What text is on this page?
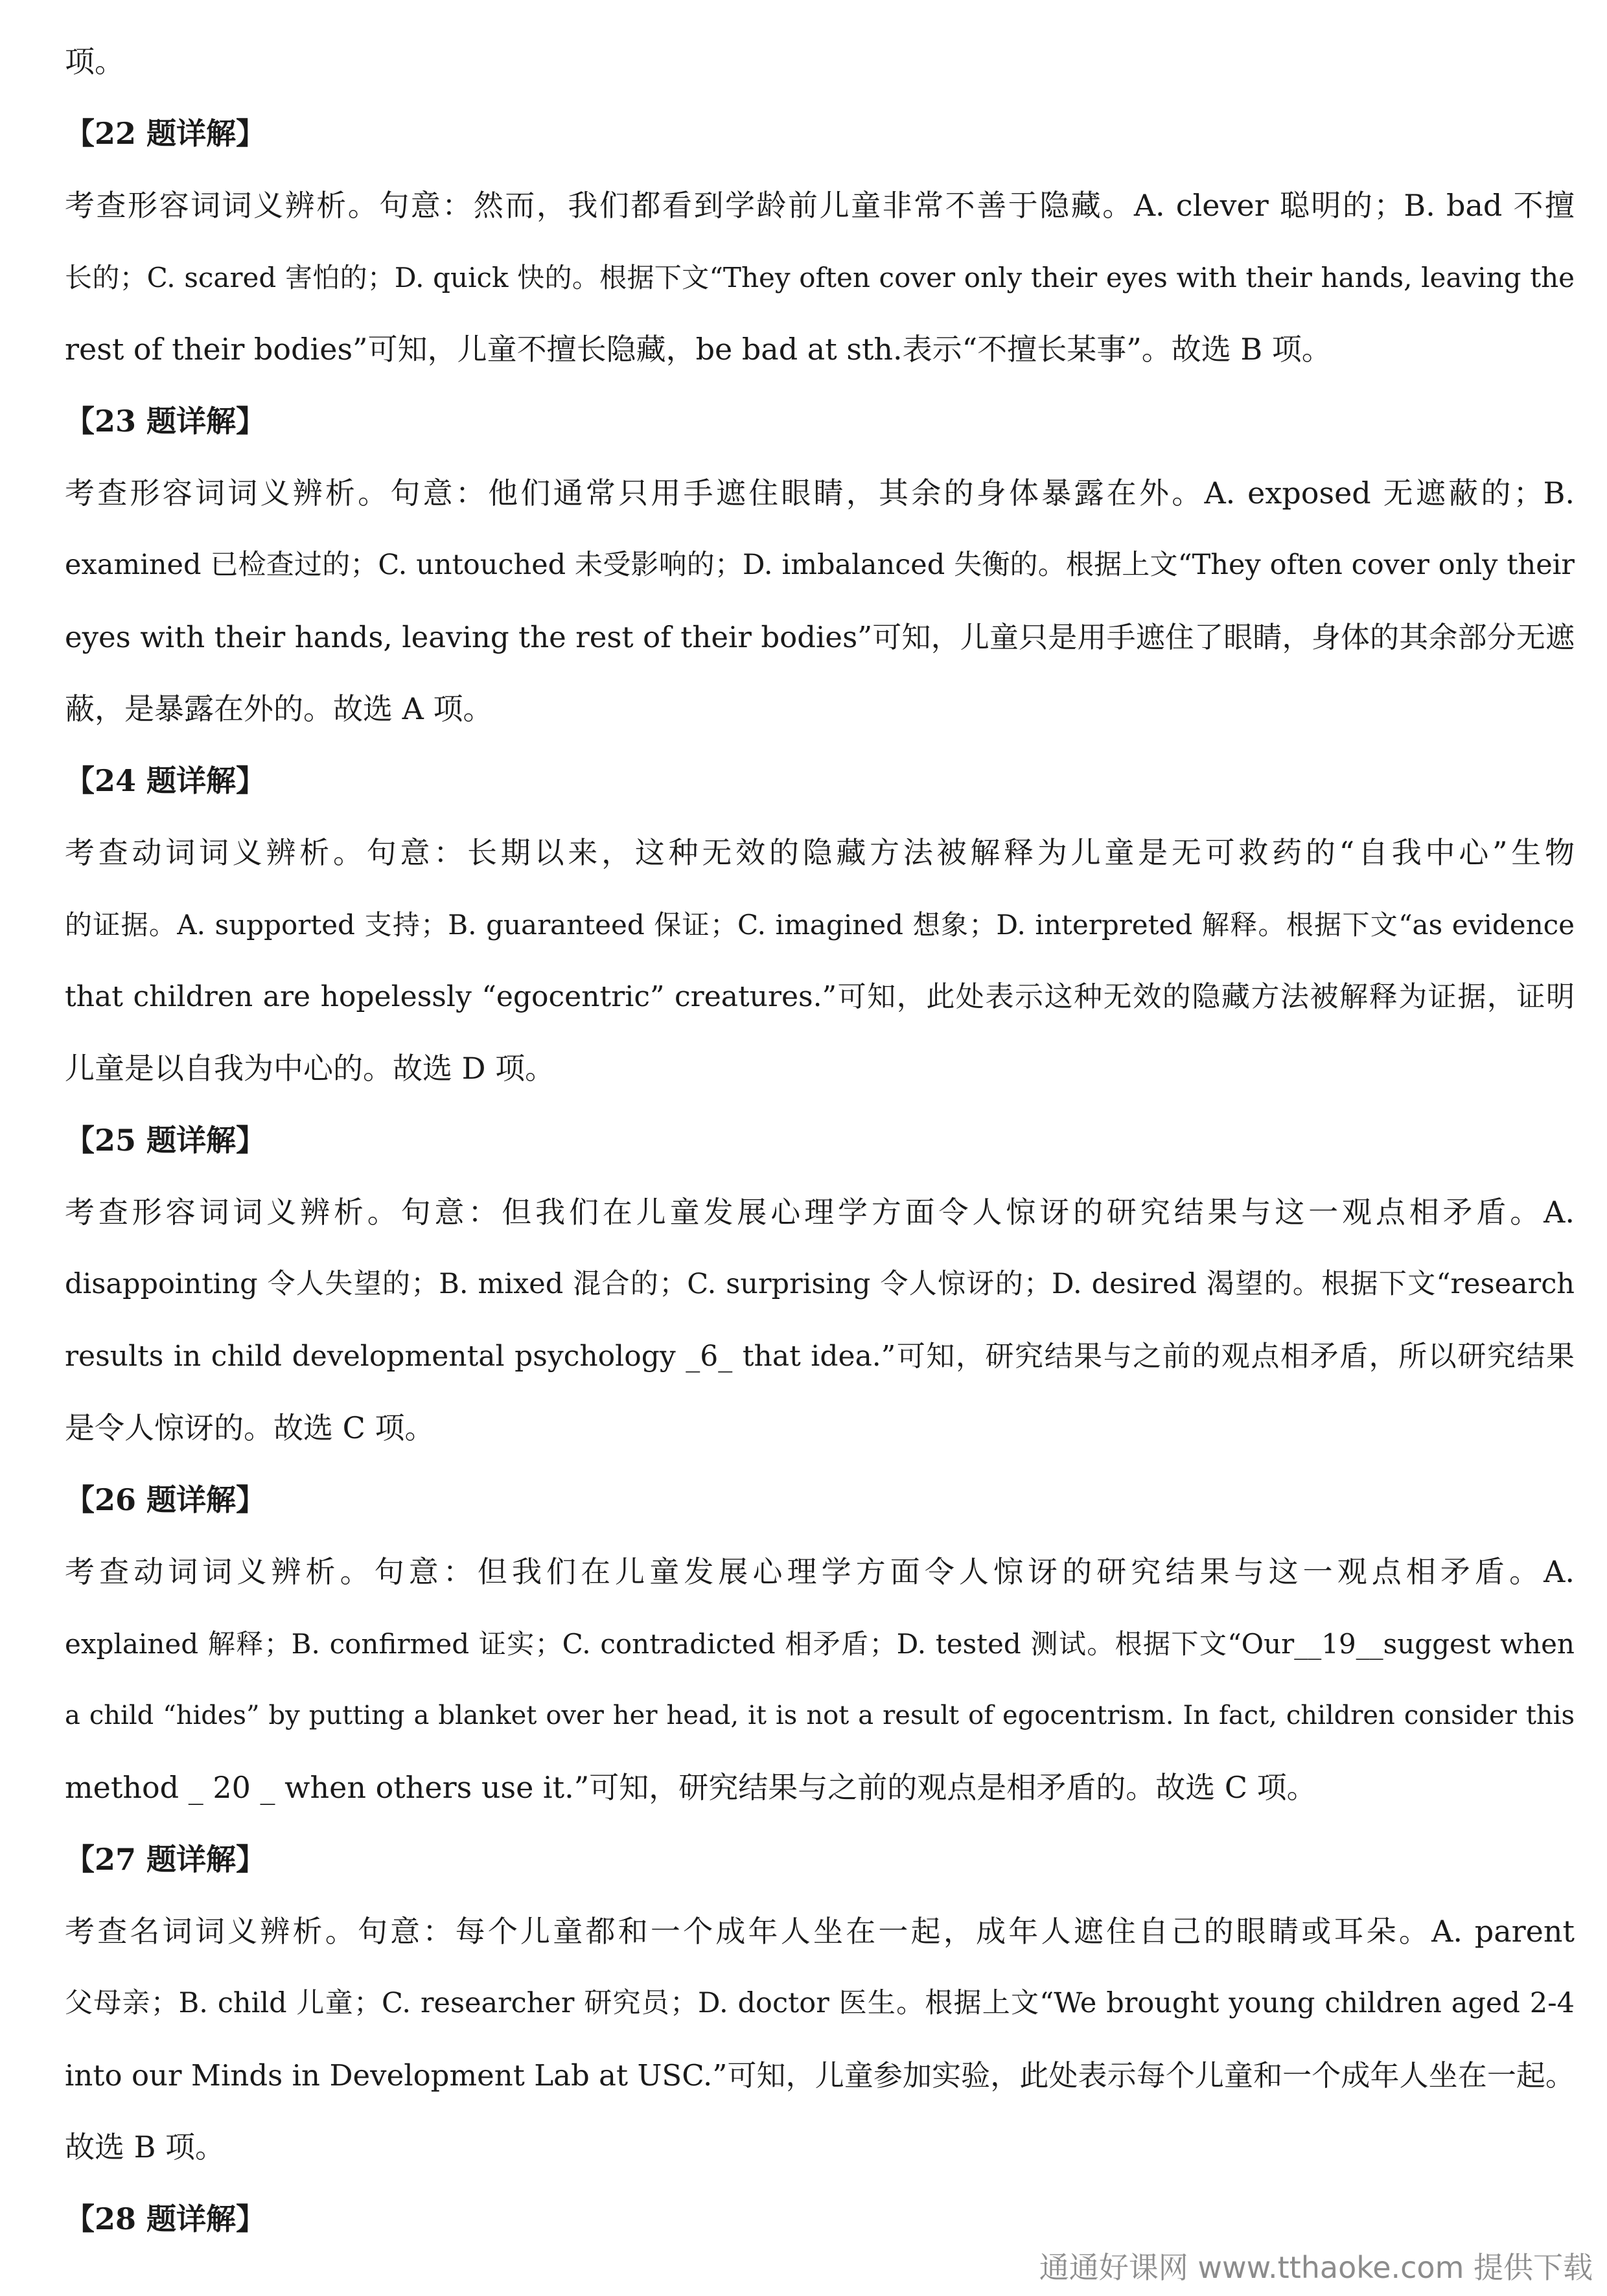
项。
【22 题详解】
考查形容词词义辨析。句意：然而，我们都看到学龄前儿童非常不善于隐藏。A. clever 聪明的；B. bad 不擅
长的；C. scared 害怕的；D. quick 快的。根据下文“They often cover only their eyes with their hands, leaving the
rest of their bodies”可知，儿童不擅长隐藏，be bad at sth.表示“不擅长某事”。故选 B 项。
【23 题详解】
考查形容词词义辨析。句意：他们通常只用手遮住眼睛，其余的身体暴露在外。A. exposed 无遮蔽的；B.
examined 已检查过的；C. untouched 未受影响的；D. imbalanced 失衡的。根据上文“They often cover only their
eyes with their hands, leaving the rest of their bodies”可知，儿童只是用手遮住了眼睛，身体的其余部分无遮
蔽，是暴露在外的。故选 A 项。
【24 题详解】
考查动词词义辨析。句意：长期以来，这种无效的隐藏方法被解释为儿童是无可救药的“自我中心”生物
的证据。A. supported 支持；B. guaranteed 保证；C. imagined 想象；D. interpreted 解释。根据下文“as evidence
that children are hopelessly “egocentric” creatures.”可知，此处表示这种无效的隐藏方法被解释为证据，证明
儿童是以自我为中心的。故选 D 项。
【25 题详解】
考查形容词词义辨析。句意：但我们在儿童发展心理学方面令人惊讶的研究结果与这一观点相矛盾。A.
disappointing 令人失望的；B. mixed 混合的；C. surprising 令人惊讶的；D. desired 渴望的。根据下文“research
results in child developmental psychology _6_ that idea.”可知，研究结果与之前的观点相矛盾，所以研究结果
是令人惊讶的。故选 C 项。
【26 题详解】
考查动词词义辨析。句意：但我们在儿童发展心理学方面令人惊讶的研究结果与这一观点相矛盾。A.
explained 解释；B. confirmed 证实；C. contradicted 相矛盾；D. tested 测试。根据下文“Our__19__suggest when
a child “hides” by putting a blanket over her head, it is not a result of egocentrism. In fact, children consider this
method _ 20 _ when others use it.”可知，研究结果与之前的观点是相矛盾的。故选 C 项。
【27 题详解】
考查名词词义辨析。句意：每个儿童都和一个成年人坐在一起，成年人遮住自己的眼睛或耳朵。A. parent
父母亲；B. child 儿童；C. researcher 研究员；D. doctor 医生。根据上文“We brought young children aged 2-4
into our Minds in Development Lab at USC.”可知，儿童参加实验，此处表示每个儿童和一个成年人坐在一起。
故选 B 项。
【28 题详解】
通通好课网 www.tthaoke.com 提供下载
